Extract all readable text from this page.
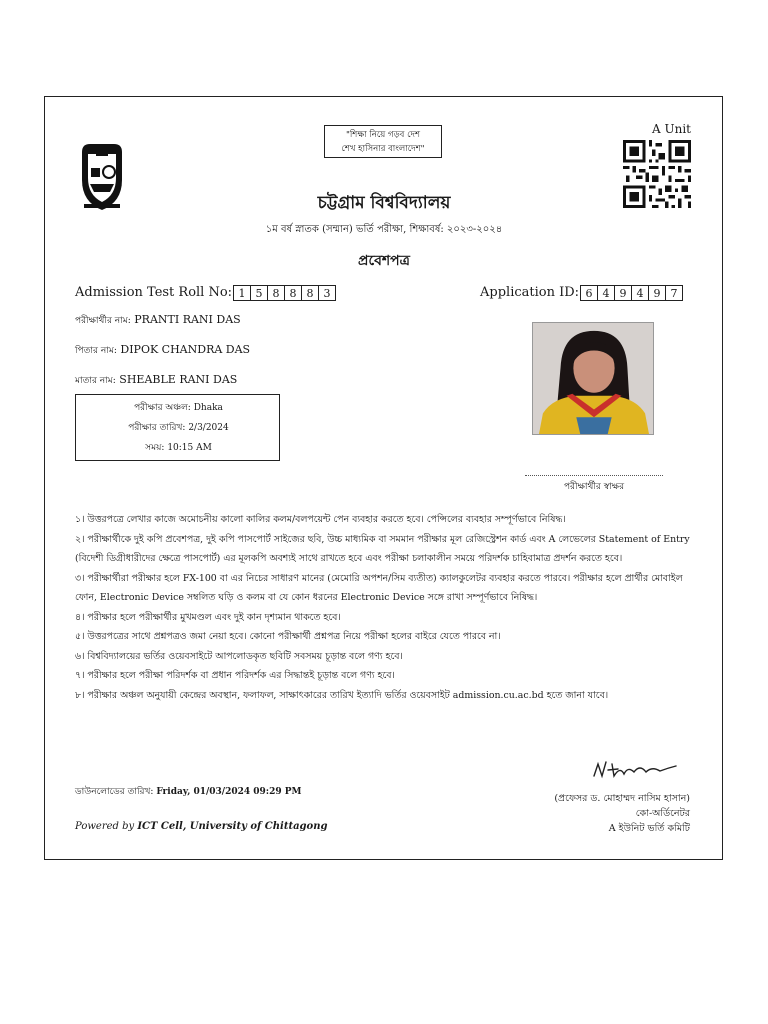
"শিক্ষা নিয়ে গড়ব দেশ
শেখ হাসিনার বাংলাদেশ"
A Unit
চট্টগ্রাম বিশ্ববিদ্যালয়
১ম বর্ষ স্নাতক (সম্মান) ভর্তি পরীক্ষা, শিক্ষাবর্ষ: ২০২৩-২০২৪
প্রবেশপত্র
Admission Test Roll No: 1 5 8 8 8 3	Application ID: 6 4 9 4 9 7
পরীক্ষার্থীর নাম: PRANTI RANI DAS
পিতার নাম: DIPOK CHANDRA DAS
মাতার নাম: SHEABLE RANI DAS
পরীক্ষার অঞ্চল: Dhaka
পরীক্ষার তারিখ: 2/3/2024
সময়: 10:15 AM
পরীক্ষার্থীর স্বাক্ষর

১। উত্তরপত্রে লেখার কাজে অমোচনীয় কালো কালির কলম/বলপয়েন্ট পেন ব্যবহার করতে হবে। পেন্সিলের ব্যবহার সম্পূর্ণভাবে নিষিদ্ধ।

২। পরীক্ষার্থীকে দুই কপি প্রবেশপত্র, দুই কপি পাসপোর্ট সাইজের ছবি, উচ্চ মাধ্যমিক বা সমমান পরীক্ষার মূল রেজিস্ট্রেশন কার্ড এবং A লেভেলের Statement of Entry (বিদেশী ডিগ্রীধারীদের ক্ষেত্রে পাসপোর্ট) এর মূলকপি অবশ্যই সাথে রাখতে হবে এবং পরীক্ষা চলাকালীন সময়ে পরিদর্শক চাহিবামাত্র প্রদর্শন করতে হবে।

৩। পরীক্ষার্থীরা পরীক্ষার হলে FX-100 বা এর নিচের সাধারণ মানের (মেমোরি অপশন/সিম ব্যতীত) ক্যালকুলেটর ব্যবহার করতে পারবে। পরীক্ষার হলে প্রার্থীর মোবাইল ফোন, Electronic Device সম্বলিত ঘড়ি ও কলম বা যে কোন ধরনের Electronic Device সঙ্গে রাখা সম্পূর্ণভাবে নিষিদ্ধ।

৪। পরীক্ষার হলে পরীক্ষার্থীর মুখমণ্ডল এবং দুই কান দৃশ্যমান থাকতে হবে।

৫। উত্তরপত্রের সাথে প্রশ্নপত্রও জমা নেয়া হবে। কোনো পরীক্ষার্থী প্রশ্নপত্র নিয়ে পরীক্ষা হলের বাইরে যেতে পারবে না।

৬। বিশ্ববিদ্যালয়ের ভর্তির ওয়েবসাইটে আপলোডকৃত ছবিটি সবসময় চূড়ান্ত বলে গণ্য হবে।

৭। পরীক্ষার হলে পরীক্ষা পরিদর্শক বা প্রধান পরিদর্শক এর সিদ্ধান্তই চূড়ান্ত বলে গণ্য হবে।

৮। পরীক্ষার অঞ্চল অনুযায়ী কেন্দ্রের অবস্থান, ফলাফল, সাক্ষাৎকারের তারিখ ইত্যাদি ভর্তির ওয়েবসাইট admission.cu.ac.bd হতে জানা যাবে।

ডাউনলোডের তারিখ: Friday, 01/03/2024 09:29 PM
Powered by ICT Cell, University of Chittagong
(প্রফেসর ড. মোহাম্মদ নাসিম হাসান)
কো-অর্ডিনেটর
A ইউনিট ভর্তি কমিটি
